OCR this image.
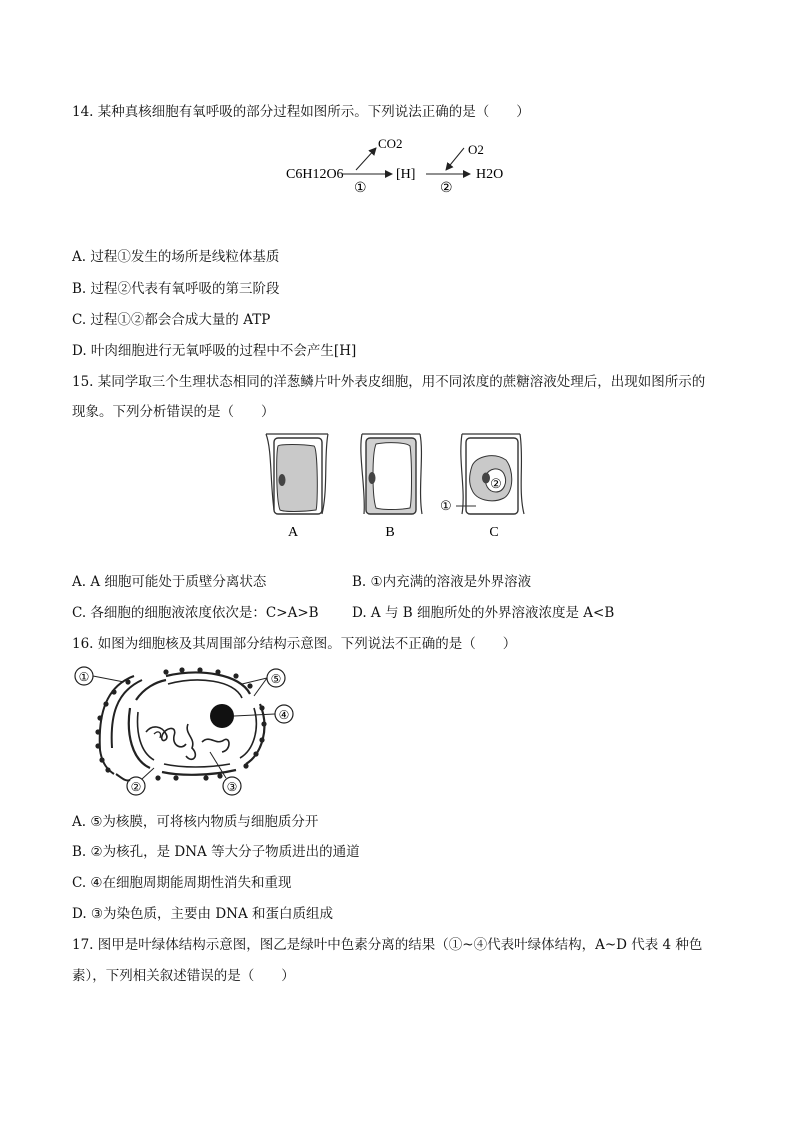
14. 某种真核细胞有氧呼吸的部分过程如图所示。下列说法正确的是（　　）
C6H12O6
CO2
①
[H]
O2
②
H2O
A. 过程①发生的场所是线粒体基质
B. 过程②代表有氧呼吸的第三阶段
C. 过程①②都会合成大量的 ATP
D. 叶肉细胞进行无氧呼吸的过程中不会产生[H]
15. 某同学取三个生理状态相同的洋葱鳞片叶外表皮细胞，用不同浓度的蔗糖溶液处理后，出现如图所示的
现象。下列分析错误的是（　　）
A	B
②
①
C
A. A 细胞可能处于质壁分离状态	B. ①内充满的溶液是外界溶液
C. 各细胞的细胞液浓度依次是：C>A>B D. A 与 B 细胞所处的外界溶液浓度是 A<B
16. 如图为细胞核及其周围部分结构示意图。下列说法不正确的是（　　）
①	⑤
④
②	③
A. ⑤为核膜，可将核内物质与细胞质分开
B. ②为核孔，是 DNA 等大分子物质进出的通道
C. ④在细胞周期能周期性消失和重现
D. ③为染色质，主要由 DNA 和蛋白质组成
17. 图甲是叶绿体结构示意图，图乙是绿叶中色素分离的结果（①~④代表叶绿体结构，A~D 代表 4 种色
素），下列相关叙述错误的是（　　）
